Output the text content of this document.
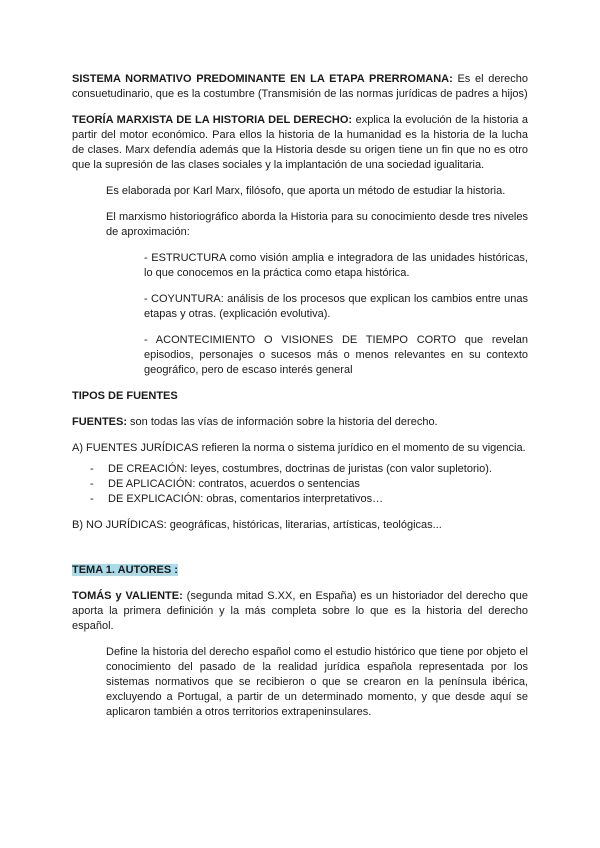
SISTEMA NORMATIVO PREDOMINANTE EN LA ETAPA PRERROMANA: Es el derecho consuetudinario, que es la costumbre (Transmisión de las normas jurídicas de padres a hijos)

TEORÍA MARXISTA DE LA HISTORIA DEL DERECHO: explica la evolución de la historia a partir del motor económico. Para ellos la historia de la humanidad es la historia de la lucha de clases. Marx defendía además que la Historia desde su origen tiene un fin que no es otro que la supresión de las clases sociales y la implantación de una sociedad igualitaria.

Es elaborada por Karl Marx, filósofo, que aporta un método de estudiar la historia.

El marxismo historiográfico aborda la Historia para su conocimiento desde tres niveles de aproximación:

- ESTRUCTURA como visión amplia e integradora de las unidades históricas, lo que conocemos en la práctica como etapa histórica.

- COYUNTURA: análisis de los procesos que explican los cambios entre unas etapas y otras. (explicación evolutiva).

- ACONTECIMIENTO O VISIONES DE TIEMPO CORTO que revelan episodios, personajes o sucesos más o menos relevantes en su contexto geográfico, pero de escaso interés general

TIPOS DE FUENTES

FUENTES: son todas las vías de información sobre la historia del derecho.

A) FUENTES JURÍDICAS refieren la norma o sistema jurídico en el momento de su vigencia.

- DE CREACIÓN: leyes, costumbres, doctrinas de juristas (con valor supletorio).
- DE APLICACIÓN: contratos, acuerdos o sentencias
- DE EXPLICACIÓN: obras, comentarios interpretativos…

B) NO JURÍDICAS: geográficas, históricas, literarias, artísticas, teológicas...

TEMA 1. AUTORES :

TOMÁS y VALIENTE: (segunda mitad S.XX, en España) es un historiador del derecho que aporta la primera definición y la más completa sobre lo que es la historia del derecho español.

Define la historia del derecho español como el estudio histórico que tiene por objeto el conocimiento del pasado de la realidad jurídica española representada por los sistemas normativos que se recibieron o que se crearon en la península ibérica, excluyendo a Portugal, a partir de un determinado momento, y que desde aquí se aplicaron también a otros territorios extrapeninsulares.
